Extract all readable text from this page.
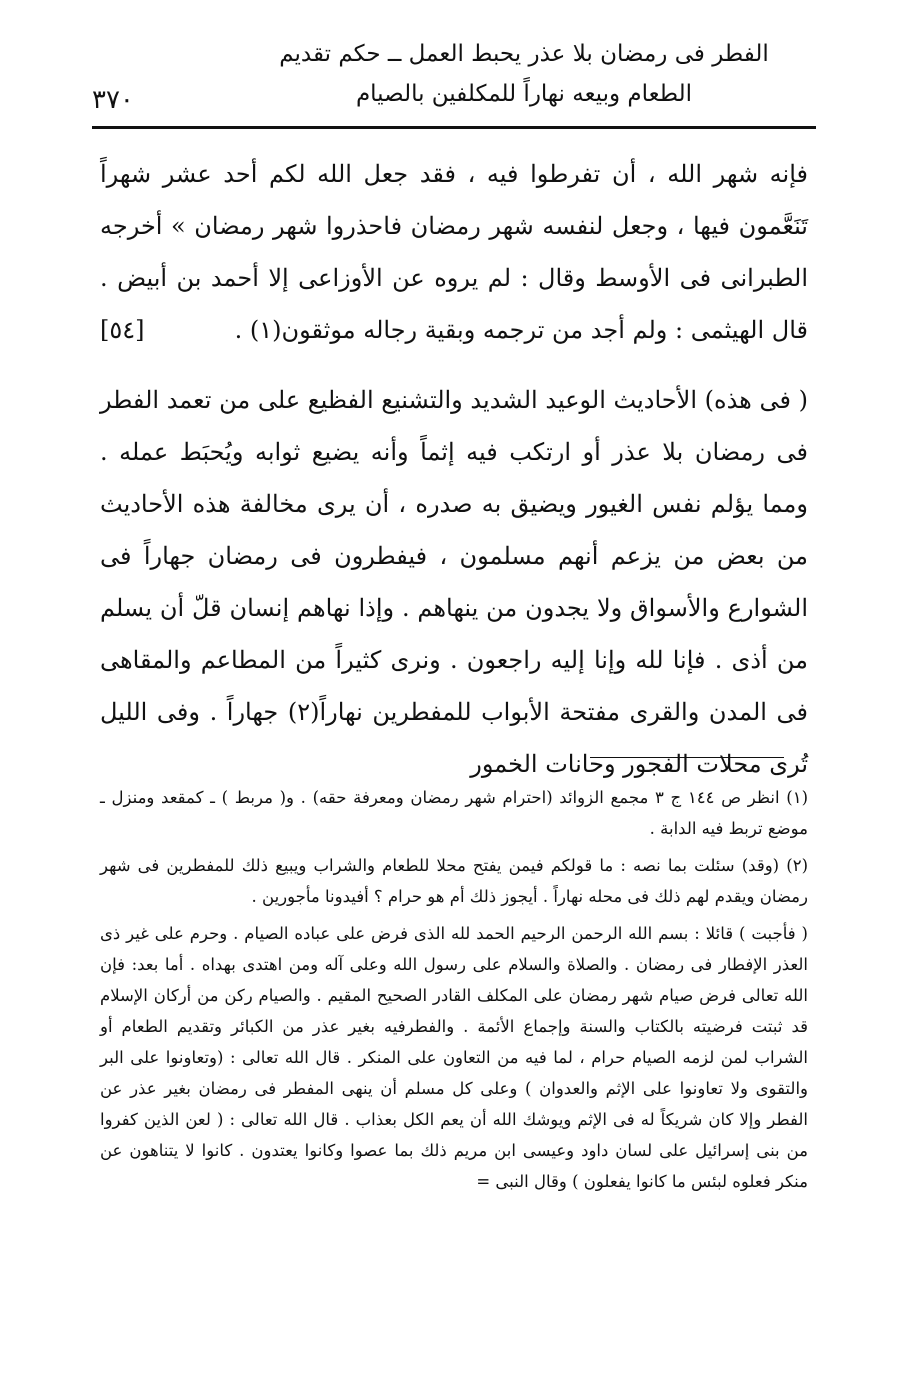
الفطر فى رمضان بلا عذر يحبط العمل ــ حكم تقديم
الطعام وبيعه نهاراً للمكلفين بالصيام
٣٧٠

فإنه شهر الله ، أن تفرطوا فيه ، فقد جعل الله لكم أحد عشر شهراً تَنَعَّمون فيها ، وجعل لنفسه شهر رمضان فاحذروا شهر رمضان » أخرجه الطبرانى فى الأوسط وقال : لم يروه عن الأوزاعى إلا أحمد بن أبيض . قال الهيثمى : ولم أجد من ترجمه وبقية رجاله موثقون(١) .
[٥٤]

( فى هذه) الأحاديث الوعيد الشديد والتشنيع الفظيع على من تعمد الفطر فى رمضان بلا عذر أو ارتكب فيه إثماً وأنه يضيع ثوابه ويُحبَط عمله . ومما يؤلم نفس الغيور ويضيق به صدره ، أن يرى مخالفة هذه الأحاديث من بعض من يزعم أنهم مسلمون ، فيفطرون فى رمضان جهاراً فى الشوارع والأسواق ولا يجدون من ينهاهم . وإذا نهاهم إنسان قلّ أن يسلم من أذى . فإنا لله وإنا إليه راجعون . ونرى كثيراً من المطاعم والمقاهى فى المدن والقرى مفتحة الأبواب للمفطرين نهاراً(٢) جهاراً . وفى الليل تُرى محلات الفجور وحانات الخمور

(١) انظر ص ١٤٤ ج ٣ مجمع الزوائد (احترام شهر رمضان ومعرفة حقه) . و( مربط ) ـ كمقعد ومنزل ـ موضع تربط فيه الدابة .

(٢) (وقد) سئلت بما نصه : ما قولكم فيمن يفتح محلا للطعام والشراب ويبيع ذلك للمفطرين فى شهر رمضان ويقدم لهم ذلك فى محله نهاراً . أيجوز ذلك أم هو حرام ؟ أفيدونا مأجورين .

( فأجبت ) قائلا : بسم الله الرحمن الرحيم الحمد لله الذى فرض على عباده الصيام . وحرم على غير ذى العذر الإفطار فى رمضان . والصلاة والسلام على رسول الله وعلى آله ومن اهتدى بهداه . أما بعد: فإن الله تعالى فرض صيام شهر رمضان على المكلف القادر الصحيح المقيم . والصيام ركن من أركان الإسلام قد ثبتت فرضيته بالكتاب والسنة وإجماع الأئمة . والفطرفيه بغير عذر من الكبائر وتقديم الطعام أو الشراب لمن لزمه الصيام حرام ، لما فيه من التعاون على المنكر . قال الله تعالى : (وتعاونوا على البر والتقوى ولا تعاونوا على الإثم والعدوان ) وعلى كل مسلم أن ينهى المفطر فى رمضان بغير عذر عن الفطر وإلا كان شريكاً له فى الإثم ويوشك الله أن يعم الكل بعذاب . قال الله تعالى : ( لعن الذين كفروا من بنى إسرائيل على لسان داود وعيسى ابن مريم ذلك بما عصوا وكانوا يعتدون . كانوا لا يتناهون عن منكر فعلوه لبئس ما كانوا يفعلون ) وقال النبى =
